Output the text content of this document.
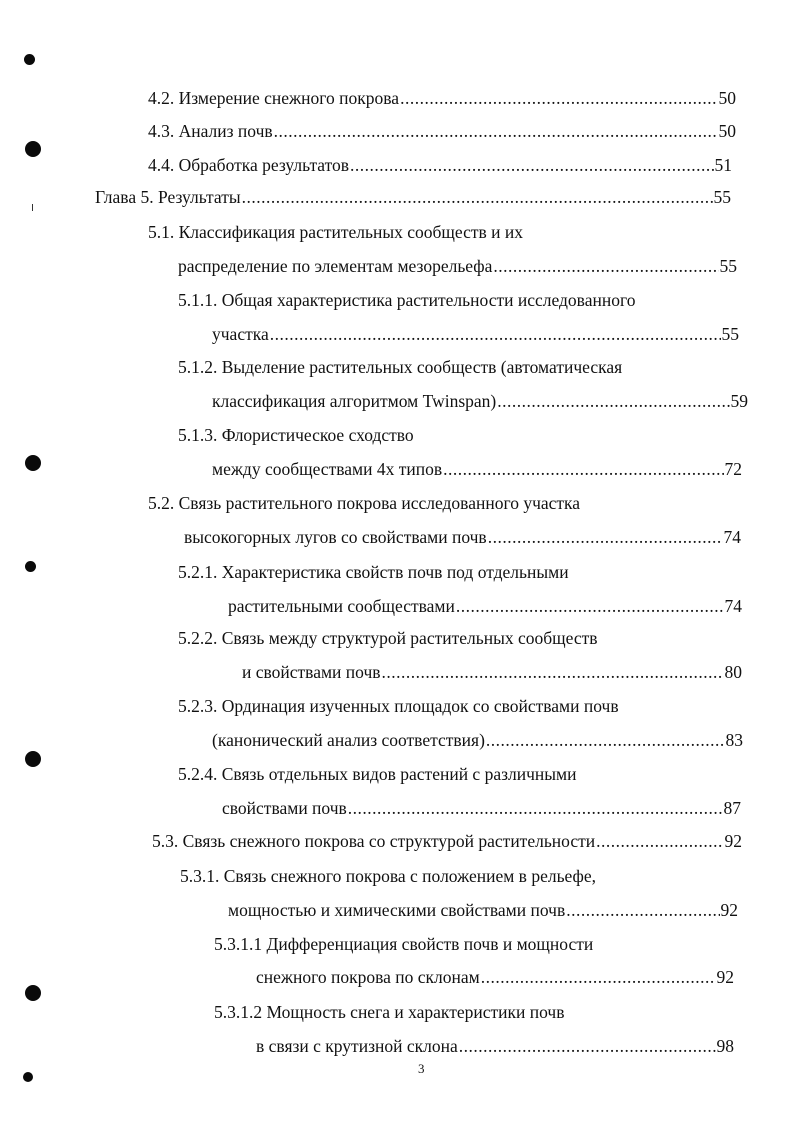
4.2. Измерение снежного покрова .....	50
4.3. Анализ почв .....	50
4.4. Обработка результатов .....	51
Глава 5. Результаты .....	55
5.1. Классификация растительных сообществ и их
распределение по элементам мезорельефа .....	55
5.1.1. Общая характеристика растительности исследованного
участка .....	55
5.1.2. Выделение растительных сообществ (автоматическая
классификация алгоритмом Twinspan) .....	59
5.1.3. Флористическое сходство
между сообществами 4х типов .....	72
5.2. Связь растительного покрова исследованного участка
высокогорных лугов со свойствами почв .....	74
5.2.1. Характеристика свойств почв под отдельными
растительными сообществами .....	74
5.2.2. Связь между структурой растительных сообществ
и свойствами почв .....	80
5.2.3. Ординация изученных площадок со свойствами почв
(канонический анализ соответствия) .....	83
5.2.4. Связь отдельных видов растений с различными
свойствами почв .....	87
5.3. Связь снежного покрова со структурой растительности .....	92
5.3.1. Связь снежного покрова с положением в рельефе,
мощностью и химическими свойствами почв .....	92
5.3.1.1 Дифференциация свойств почв и мощности
снежного покрова по склонам .....	92
5.3.1.2 Мощность снега и характеристики почв
в связи с крутизной склона .....	98
3
